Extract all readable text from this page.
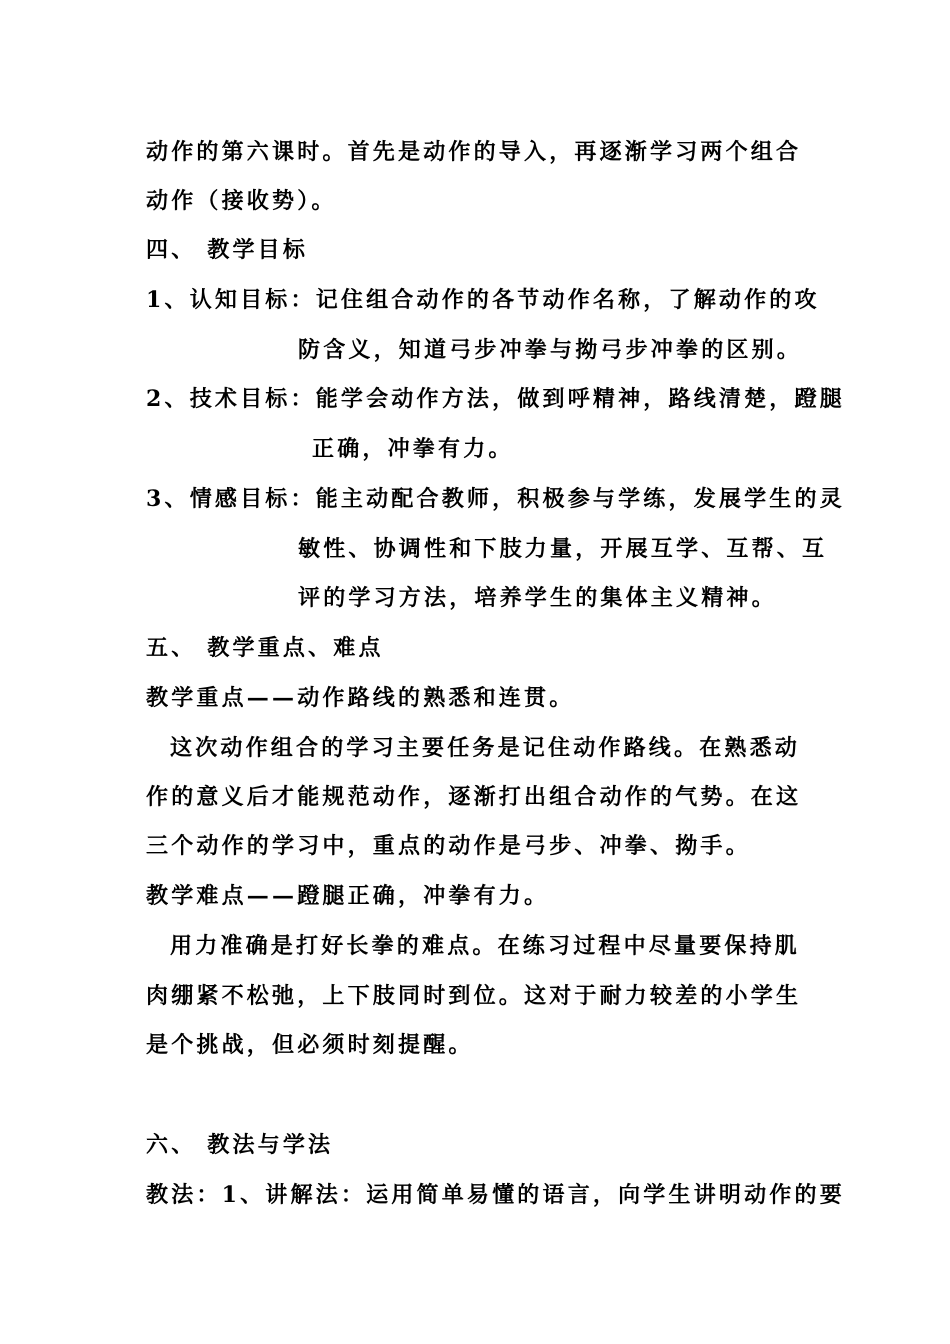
动作的第六课时。首先是动作的导入，再逐渐学习两个组合
动作（接收势）。
四、 教学目标
1、认知目标：记住组合动作的各节动作名称，了解动作的攻
防含义，知道弓步冲拳与拗弓步冲拳的区别。
2、技术目标：能学会动作方法，做到呼精神，路线清楚，蹬腿
正确，冲拳有力。
3、情感目标：能主动配合教师，积极参与学练，发展学生的灵
敏性、协调性和下肢力量，开展互学、互帮、互
评的学习方法，培养学生的集体主义精神。
五、 教学重点、难点
教学重点——动作路线的熟悉和连贯。
这次动作组合的学习主要任务是记住动作路线。在熟悉动
作的意义后才能规范动作，逐渐打出组合动作的气势。在这
三个动作的学习中，重点的动作是弓步、冲拳、拗手。
教学难点——蹬腿正确，冲拳有力。
用力准确是打好长拳的难点。在练习过程中尽量要保持肌
肉绷紧不松弛，上下肢同时到位。这对于耐力较差的小学生
是个挑战，但必须时刻提醒。
六、 教法与学法
教法：1、讲解法：运用简单易懂的语言，向学生讲明动作的要
